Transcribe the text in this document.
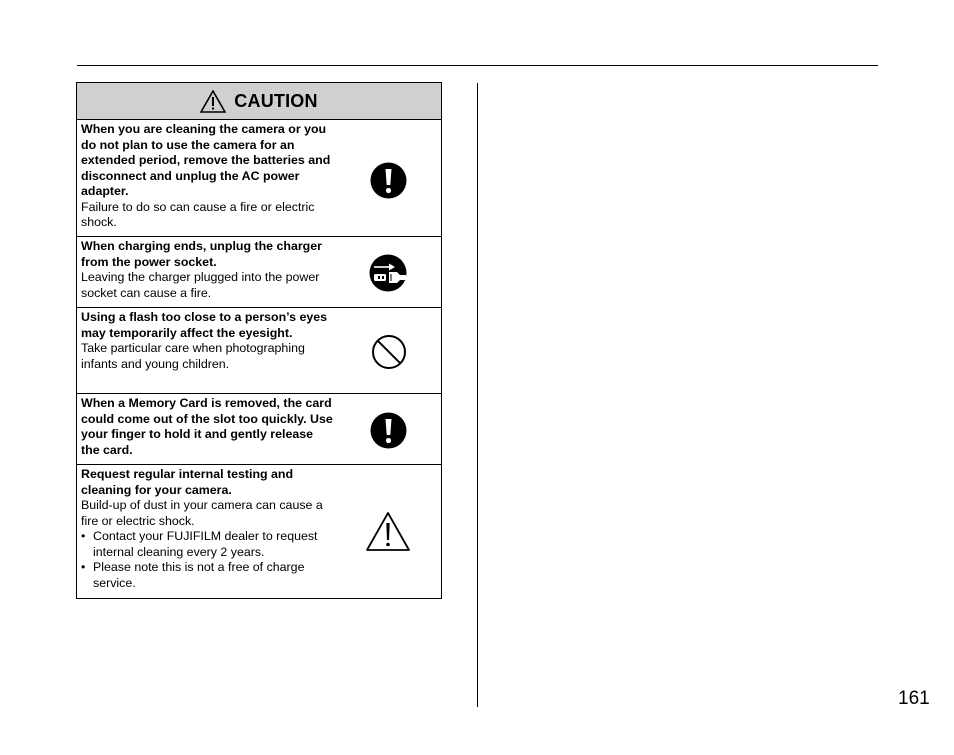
CAUTION
When you are cleaning the camera or you do not plan to use the camera for an extended period, remove the batteries and disconnect and unplug the AC power adapter.
Failure to do so can cause a fire or electric shock.
When charging ends, unplug the charger from the power socket.
Leaving the charger plugged into the power socket can cause a fire.
Using a flash too close to a person’s eyes may temporarily affect the eyesight.
Take particular care when photographing infants and young children.
When a Memory Card is removed, the card could come out of the slot too quickly. Use your finger to hold it and gently release the card.
Request regular internal testing and cleaning for your camera.
Build-up of dust in your camera can cause a fire or electric shock.
• Contact your FUJIFILM dealer to request internal cleaning every 2 years.
• Please note this is not a free of charge service.
161
